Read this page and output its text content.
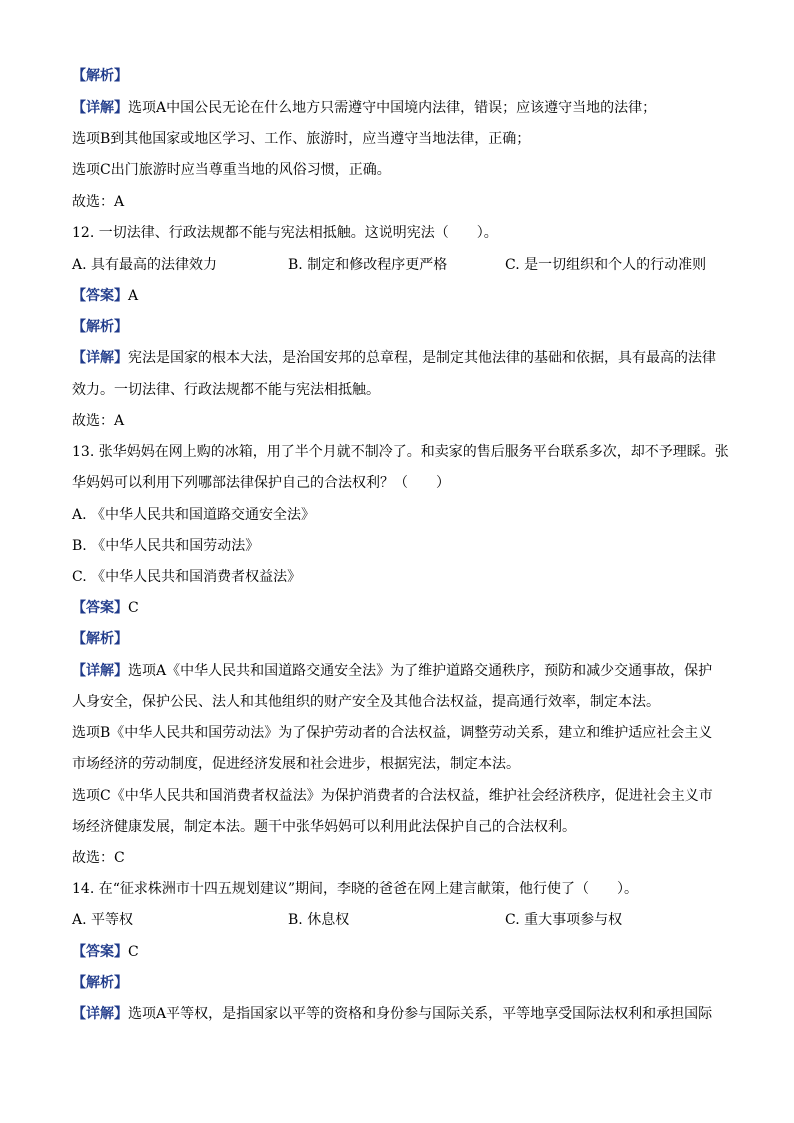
【解析】
【详解】选项A中国公民无论在什么地方只需遵守中国境内法律，错误；应该遵守当地的法律；
选项B到其他国家或地区学习、工作、旅游时，应当遵守当地法律，正确；
选项C出门旅游时应当尊重当地的风俗习惯，正确。
故选：A
12. 一切法律、行政法规都不能与宪法相抵触。这说明宪法（　　）。
A. 具有最高的法律效力	B. 制定和修改程序更严格	C. 是一切组织和个人的行动准则
【答案】A
【解析】
【详解】宪法是国家的根本大法，是治国安邦的总章程，是制定其他法律的基础和依据，具有最高的法律
效力。一切法律、行政法规都不能与宪法相抵触。
故选：A
13. 张华妈妈在网上购的冰箱，用了半个月就不制冷了。和卖家的售后服务平台联系多次，却不予理睬。张
华妈妈可以利用下列哪部法律保护自己的合法权利？（　　）
A. 《中华人民共和国道路交通安全法》
B. 《中华人民共和国劳动法》
C. 《中华人民共和国消费者权益法》
【答案】C
【解析】
【详解】选项A《中华人民共和国道路交通安全法》为了维护道路交通秩序，预防和减少交通事故，保护
人身安全，保护公民、法人和其他组织的财产安全及其他合法权益，提高通行效率，制定本法。
选项B《中华人民共和国劳动法》为了保护劳动者的合法权益，调整劳动关系，建立和维护适应社会主义
市场经济的劳动制度，促进经济发展和社会进步，根据宪法，制定本法。
选项C《中华人民共和国消费者权益法》为保护消费者的合法权益，维护社会经济秩序，促进社会主义市
场经济健康发展，制定本法。题干中张华妈妈可以利用此法保护自己的合法权利。
故选：C
14. 在“征求株洲市十四五规划建议”期间，李晓的爸爸在网上建言献策，他行使了（　　）。
A. 平等权	B. 休息权	C. 重大事项参与权
【答案】C
【解析】
【详解】选项A平等权，是指国家以平等的资格和身份参与国际关系，平等地享受国际法权利和承担国际
